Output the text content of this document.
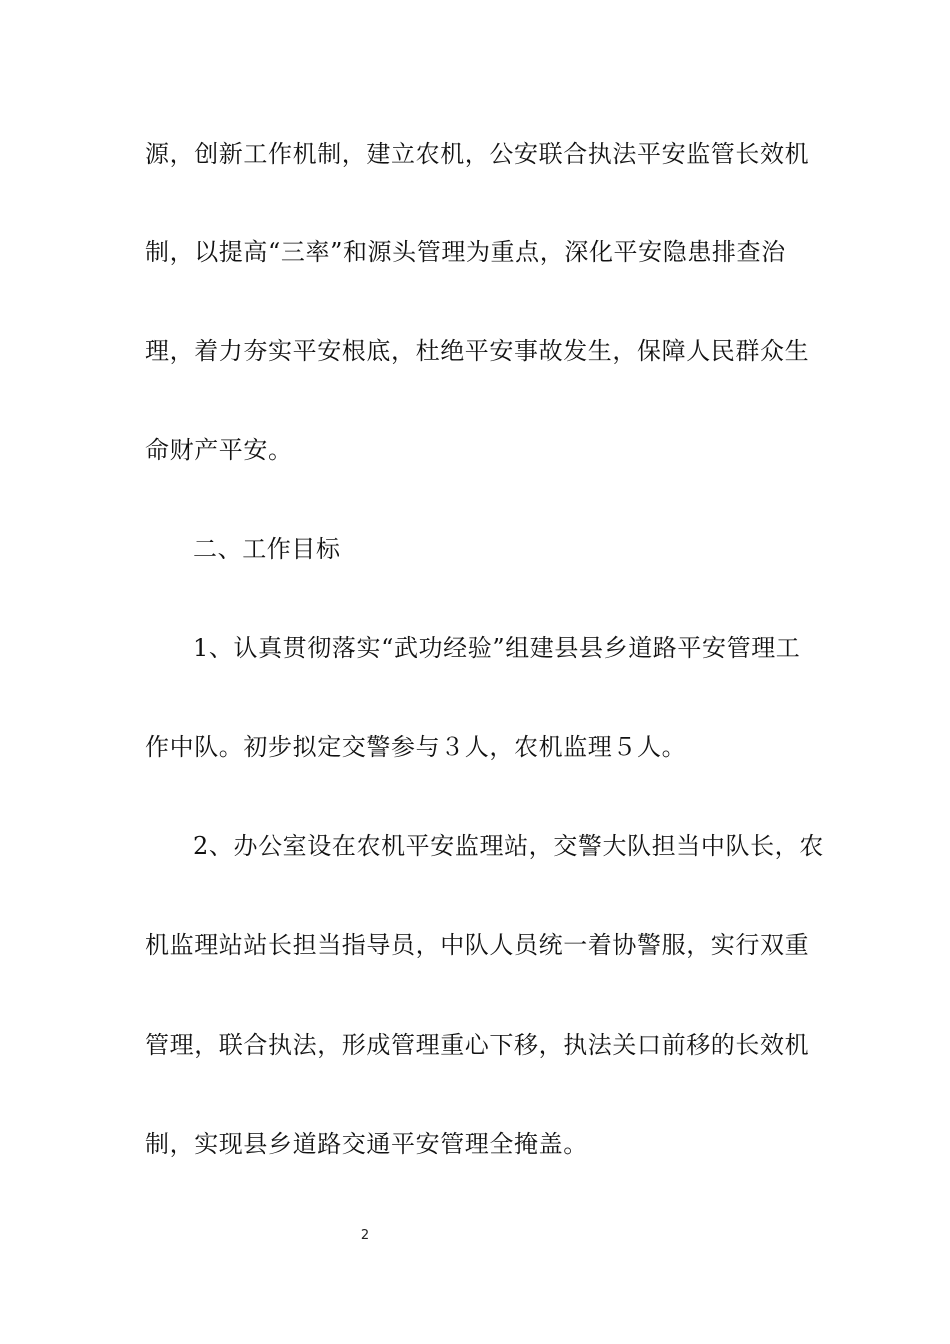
源，创新工作机制，建立农机，公安联合执法平安监管长效机
制，以提高“三率”和源头管理为重点，深化平安隐患排查治
理，着力夯实平安根底，杜绝平安事故发生，保障人民群众生
命财产平安。
二、工作目标
1、认真贯彻落实“武功经验”组建县县乡道路平安管理工
作中队。初步拟定交警参与３人，农机监理５人。
2、办公室设在农机平安监理站，交警大队担当中队长，农
机监理站站长担当指导员，中队人员统一着协警服，实行双重
管理，联合执法，形成管理重心下移，执法关口前移的长效机
制，实现县乡道路交通平安管理全掩盖。
2
